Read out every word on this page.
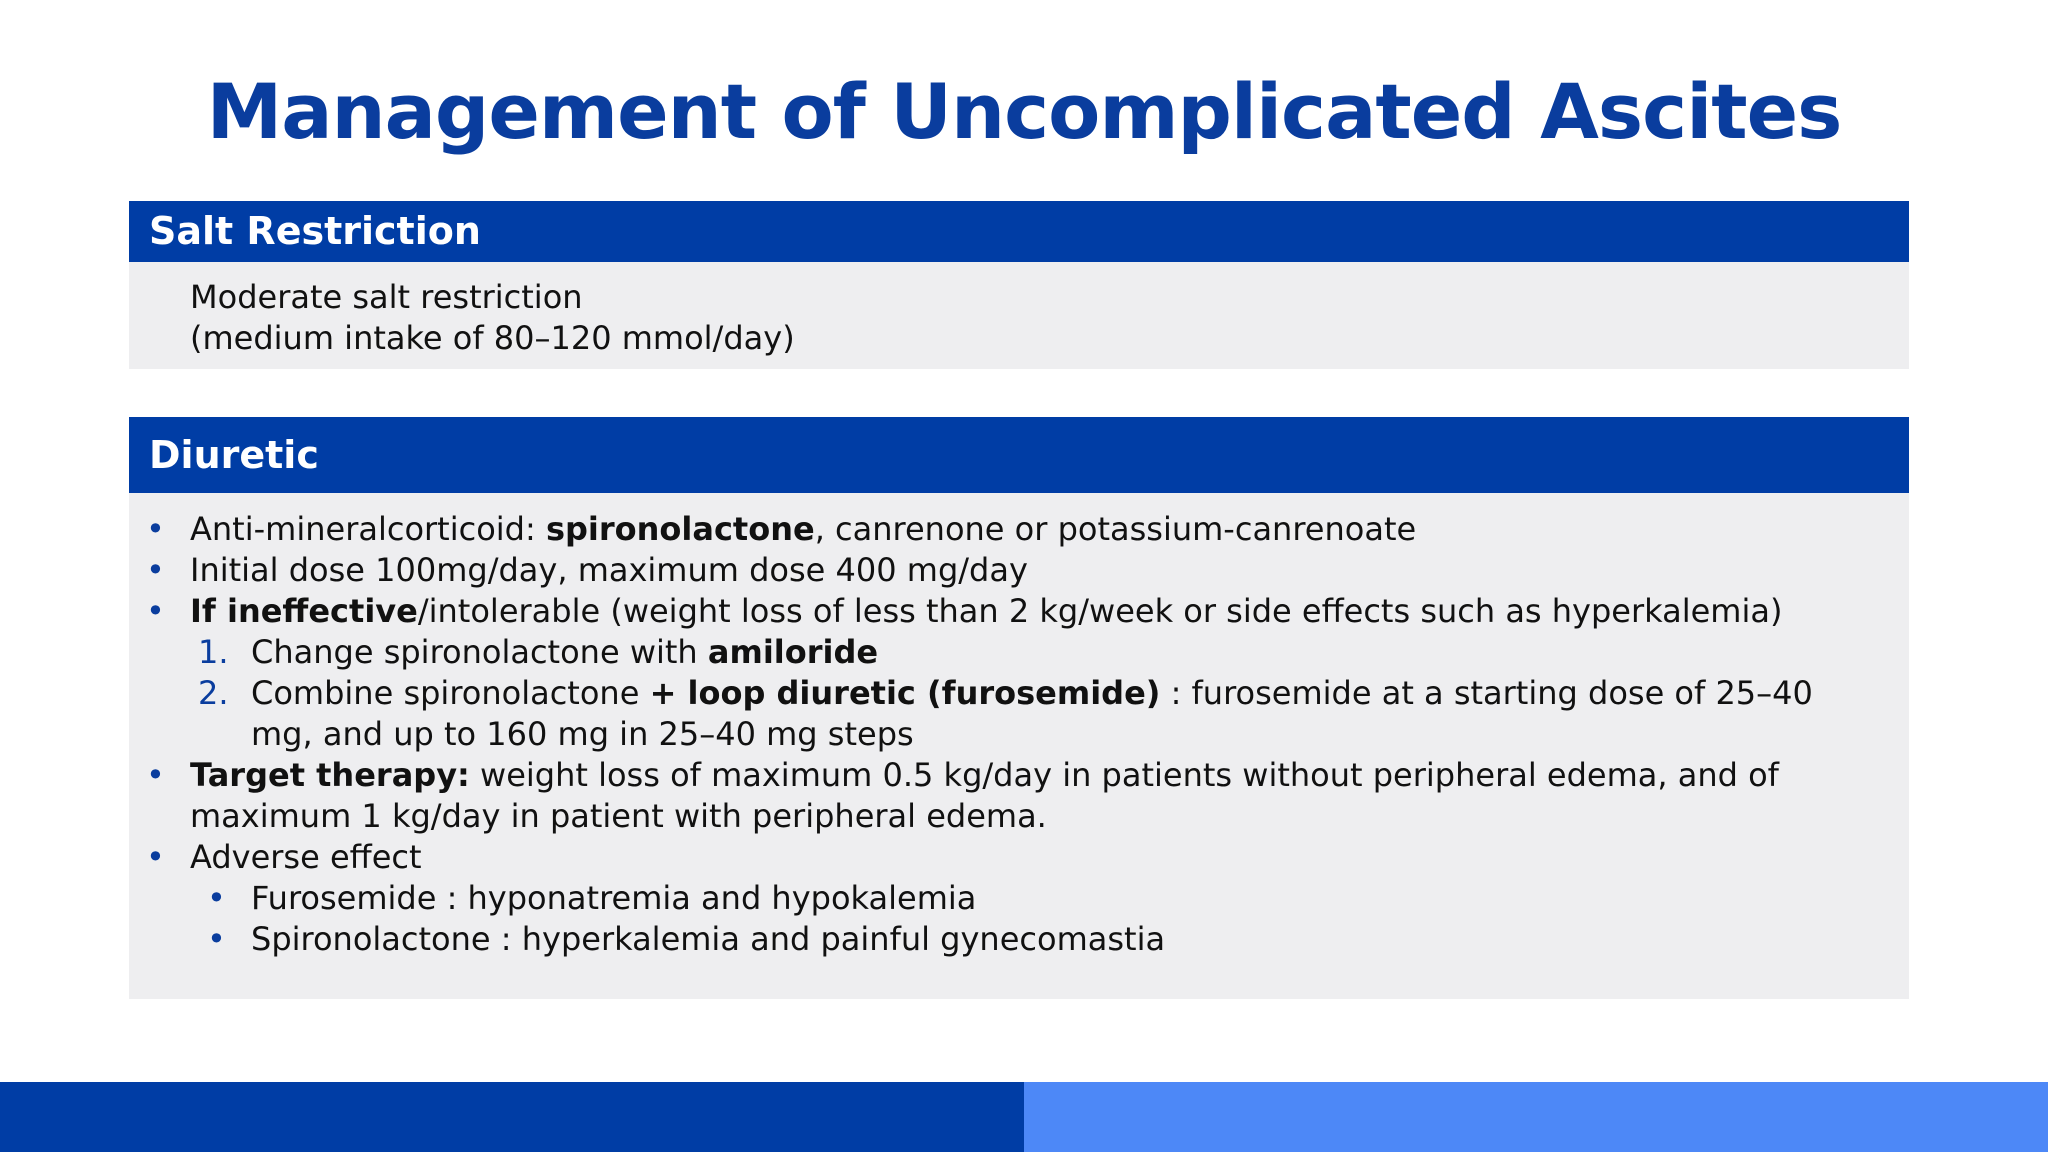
Management of Uncomplicated Ascites
Salt Restriction
Moderate salt restriction
(medium intake of 80–120 mmol/day)
Diuretic
• Anti-mineralcorticoid: spironolactone, canrenone or potassium-canrenoate
• Initial dose 100mg/day, maximum dose 400 mg/day
• If ineffective/intolerable (weight loss of less than 2 kg/week or side effects such as hyperkalemia)
1. Change spironolactone with amiloride
2. Combine spironolactone + loop diuretic (furosemide) : furosemide at a starting dose of 25–40
mg, and up to 160 mg in 25–40 mg steps
• Target therapy: weight loss of maximum 0.5 kg/day in patients without peripheral edema, and of
maximum 1 kg/day in patient with peripheral edema.
• Adverse effect
• Furosemide : hyponatremia and hypokalemia
• Spironolactone : hyperkalemia and painful gynecomastia
